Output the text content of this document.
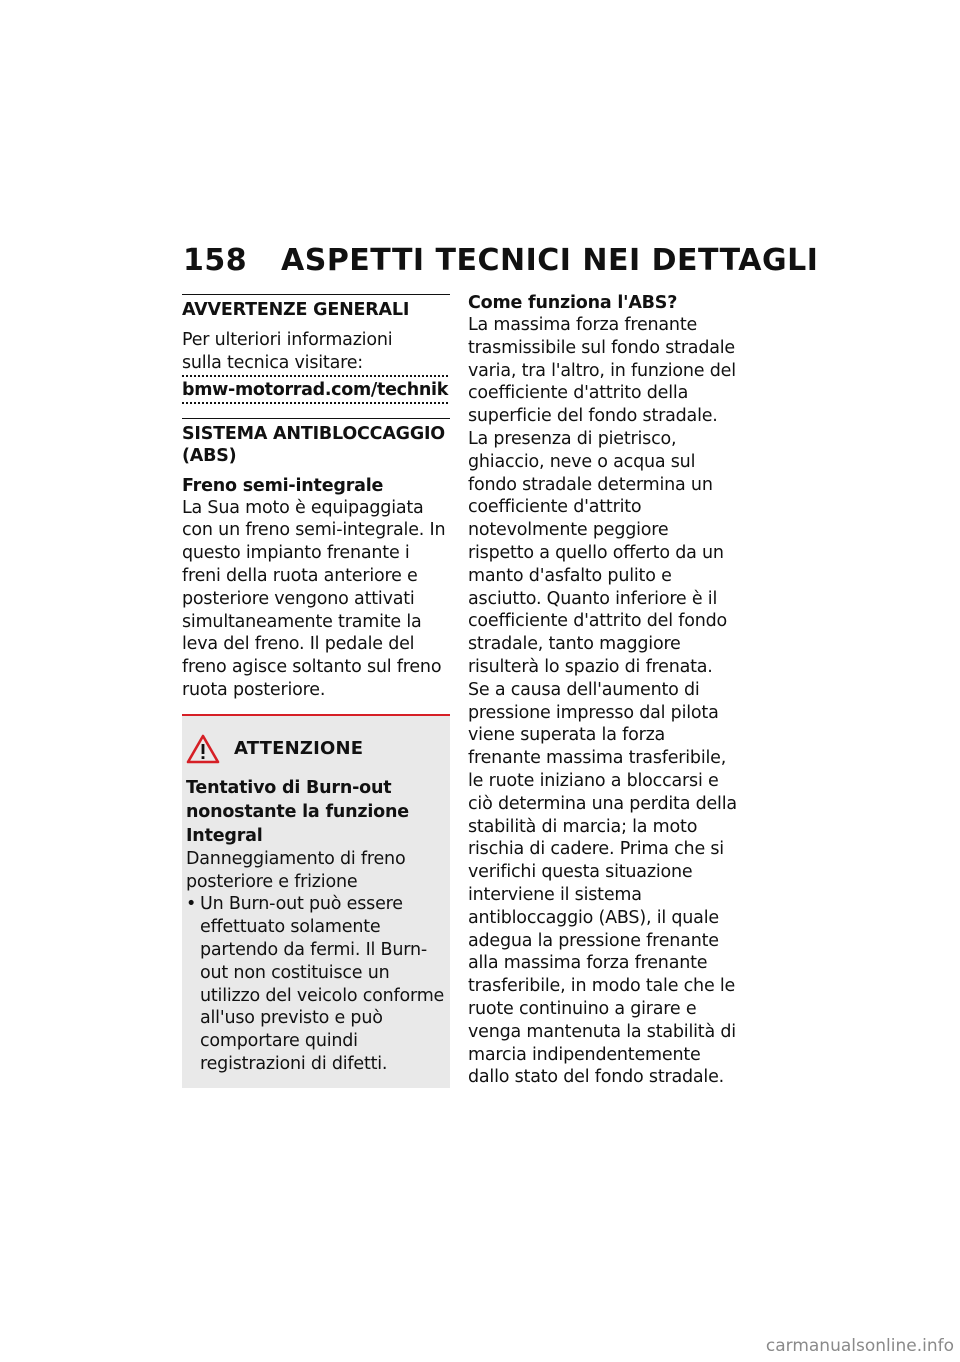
158 ASPETTI TECNICI NEI DETTAGLI
AVVERTENZE GENERALI

Per ulteriori informazioni sulla tecnica visitare:

bmw-motorrad.com/technik
SISTEMA ANTIBLOCCAGGIO (ABS)
Freno semi-integrale

La Sua moto è equipaggiata con un freno semi-integrale. In questo impianto frenante i freni della ruota anteriore e posteriore vengono attivati simultaneamente tramite la leva del freno. Il pedale del freno agisce soltanto sul freno ruota posteriore.

ATTENZIONE
Tentativo di Burn-out nonostante la funzione Integral

Danneggiamento di freno posteriore e frizione

• Un Burn-out può essere effettuato solamente partendo da fermi. Il Burn-out non costituisce un utilizzo del veicolo conforme all'uso previsto e può comportare quindi registrazioni di difetti.

Come funziona l'ABS?

La massima forza frenante trasmissibile sul fondo stradale varia, tra l'altro, in funzione del coefficiente d'attrito della superficie del fondo stradale. La presenza di pietrisco, ghiaccio, neve o acqua sul fondo stradale determina un coefficiente d'attrito notevolmente peggiore rispetto a quello offerto da un manto d'asfalto pulito e asciutto. Quanto inferiore è il coefficiente d'attrito del fondo stradale, tanto maggiore risulterà lo spazio di frenata.

Se a causa dell'aumento di pressione impresso dal pilota viene superata la forza frenante massima trasferibile, le ruote iniziano a bloccarsi e ciò determina una perdita della stabilità di marcia; la moto rischia di cadere. Prima che si verifichi questa situazione interviene il sistema antibloccaggio (ABS), il quale adegua la pressione frenante alla massima forza frenante trasferibile, in modo tale che le ruote continuino a girare e venga mantenuta la stabilità di marcia indipendentemente dallo stato del fondo stradale.

carmanualsonline.info
